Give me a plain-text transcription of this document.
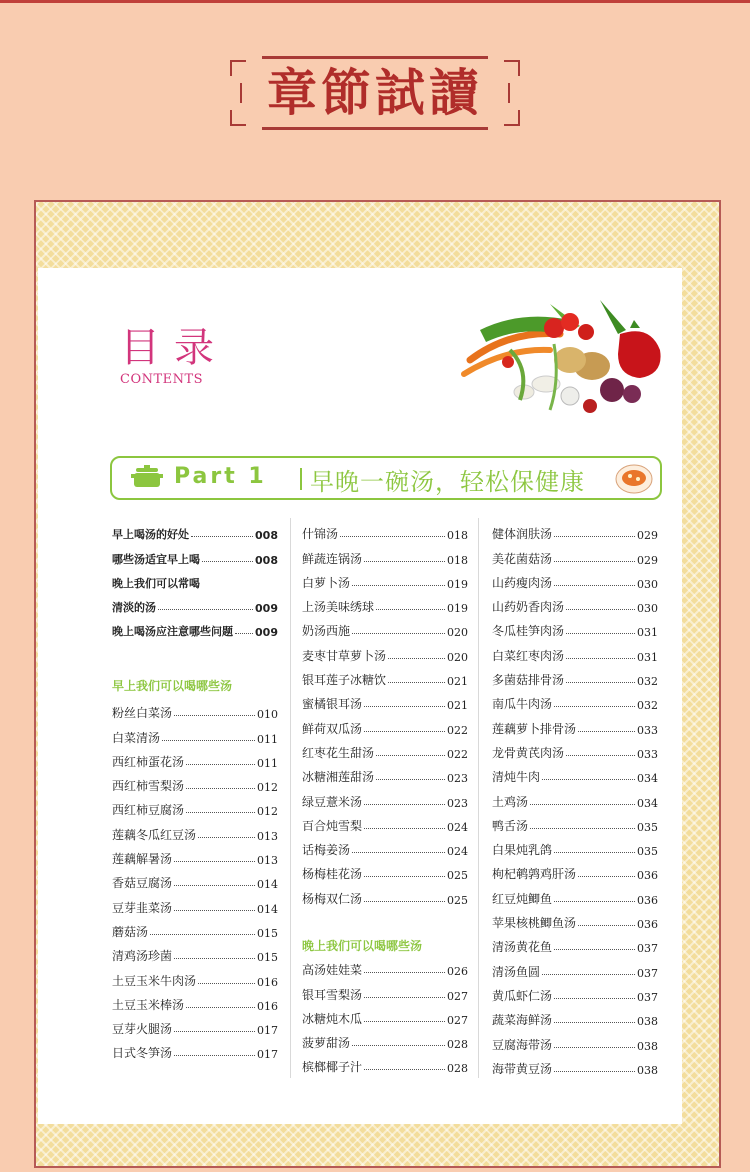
章節試讀
目录
CONTENTS
Part 1 早晚一碗汤，轻松保健康
早上喝汤的好处	008
哪些汤适宜早上喝	008
晚上我们可以常喝
清淡的汤	009
晚上喝汤应注意哪些问题 009
早上我们可以喝哪些汤
粉丝白菜汤	010
白菜清汤	011
西红柿蛋花汤	011
西红柿雪梨汤	012
西红柿豆腐汤	012
莲藕冬瓜红豆汤	013
莲藕解暑汤	013
香菇豆腐汤	014
豆芽韭菜汤	014
蘑菇汤	015
清鸡汤珍菌	015
土豆玉米牛肉汤	016
土豆玉米棒汤	016
豆芽火腿汤	017
日式冬笋汤	017
什锦汤	018
鲜蔬连锅汤	018
白萝卜汤	019
上汤美味绣球	019
奶汤西施	020
麦枣甘草萝卜汤	020
银耳莲子冰糖饮	021
蜜橘银耳汤	021
鲜荷双瓜汤	022
红枣花生甜汤	022
冰糖湘莲甜汤	023
绿豆薏米汤	023
百合炖雪梨	024
话梅姜汤	024
杨梅桂花汤	025
杨梅双仁汤	025
晚上我们可以喝哪些汤
高汤娃娃菜	026
银耳雪梨汤	027
冰糖炖木瓜	027
菠萝甜汤	028
槟榔椰子汁	028
健体润肤汤	029
美花菌菇汤	029
山药瘦肉汤	030
山药奶香肉汤	030
冬瓜桂笋肉汤	031
白菜红枣肉汤	031
多菌菇排骨汤	032
南瓜牛肉汤	032
莲藕萝卜排骨汤	033
龙骨黄芪肉汤	033
清炖牛肉	034
土鸡汤	034
鸭舌汤	035
白果炖乳鸽	035
枸杞鹌鹑鸡肝汤	036
红豆炖鲫鱼	036
苹果核桃鲫鱼汤	036
清汤黄花鱼	037
清汤鱼圆	037
黄瓜虾仁汤	037
蔬菜海鲜汤	038
豆腐海带汤	038
海带黄豆汤	038
